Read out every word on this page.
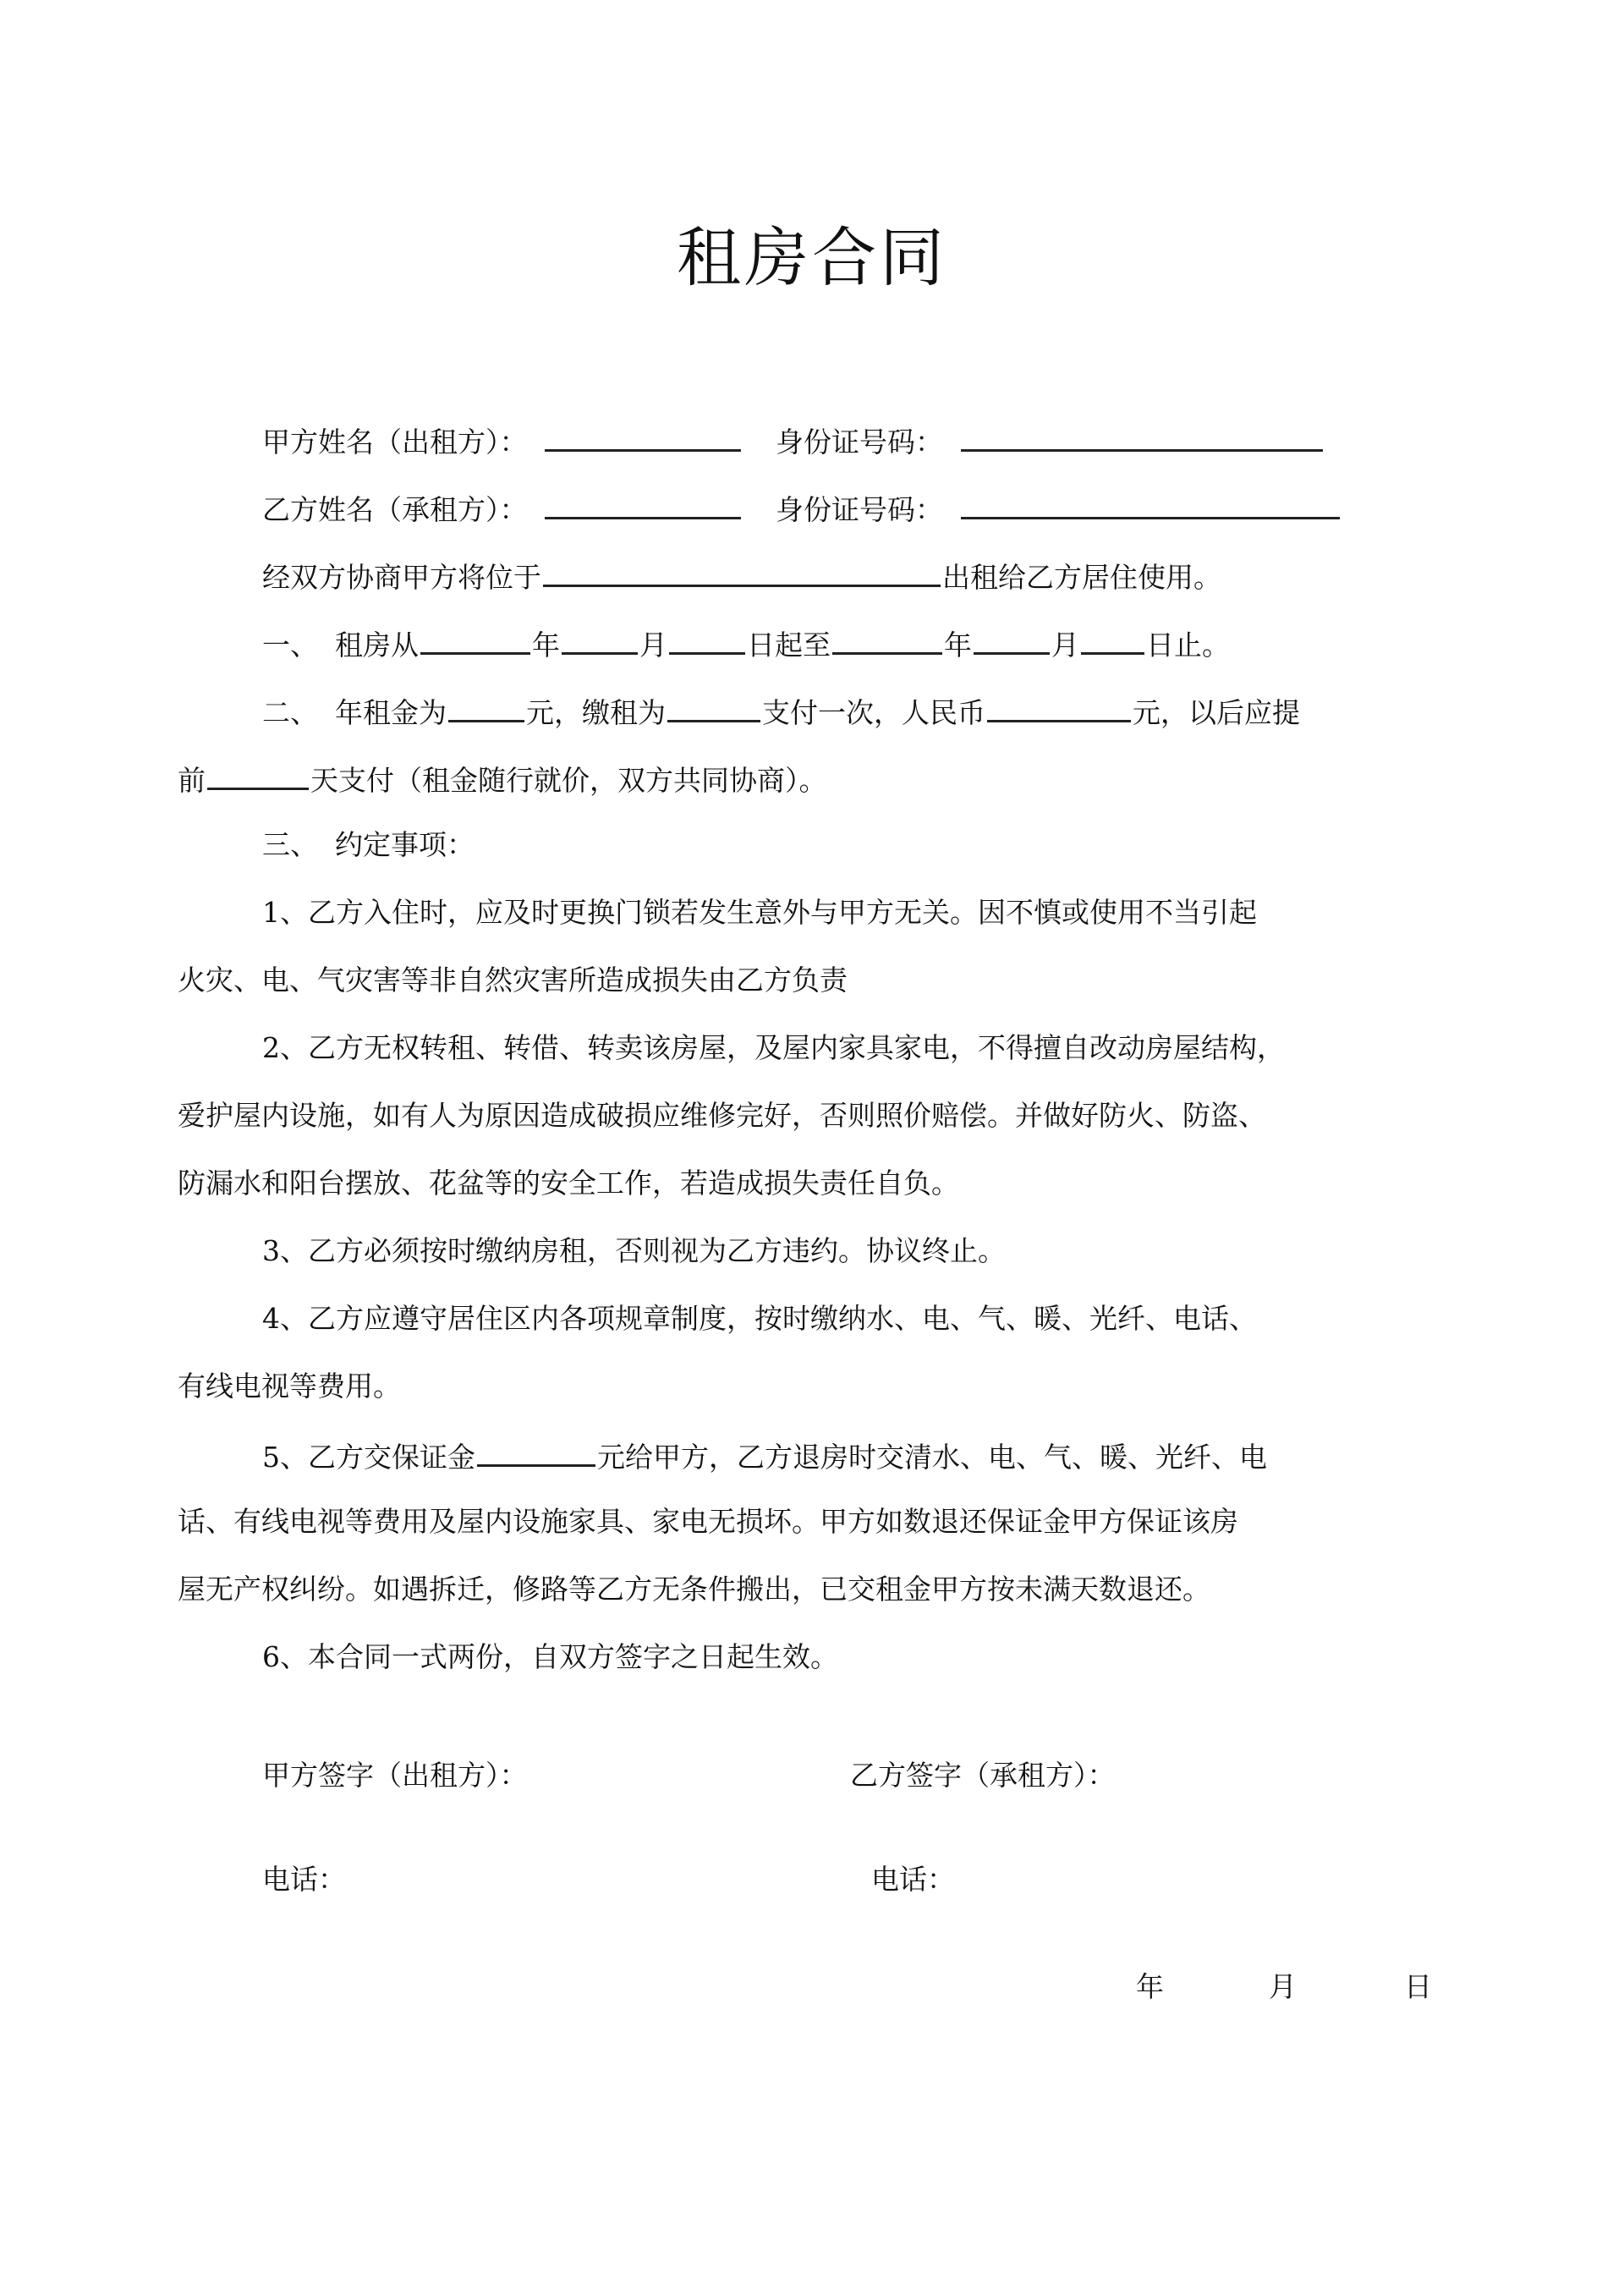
租房合同
甲方姓名（出租方）：	身份证号码：
乙方姓名（承租方）：	身份证号码：
经双方协商甲方将位于	出租给乙方居住使用。
一、 租房从	年	月	日起至	年	月 日止。
二、 年租金为	元，缴租为	支付一次，人民币	元，以后应提
前	天支付（租金随行就价，双方共同协商）。
三、 约定事项：
1、乙方入住时，应及时更换门锁若发生意外与甲方无关。因不慎或使用不当引起
火灾、电、气灾害等非自然灾害所造成损失由乙方负责
2、乙方无权转租、转借、转卖该房屋，及屋内家具家电，不得擅自改动房屋结构，
爱护屋内设施，如有人为原因造成破损应维修完好，否则照价赔偿。并做好防火、防盗、
防漏水和阳台摆放、花盆等的安全工作，若造成损失责任自负。
3、乙方必须按时缴纳房租，否则视为乙方违约。协议终止。
4、乙方应遵守居住区内各项规章制度，按时缴纳水、电、气、暖、光纤、电话、
有线电视等费用。
5、乙方交保证金	元给甲方，乙方退房时交清水、电、气、暖、光纤、电
话、有线电视等费用及屋内设施家具、家电无损坏。甲方如数退还保证金甲方保证该房
屋无产权纠纷。如遇拆迁，修路等乙方无条件搬出，已交租金甲方按未满天数退还。
6、本合同一式两份，自双方签字之日起生效。
甲方签字（出租方）：	乙方签字（承租方）：
电话：	电话：
年	月	日
